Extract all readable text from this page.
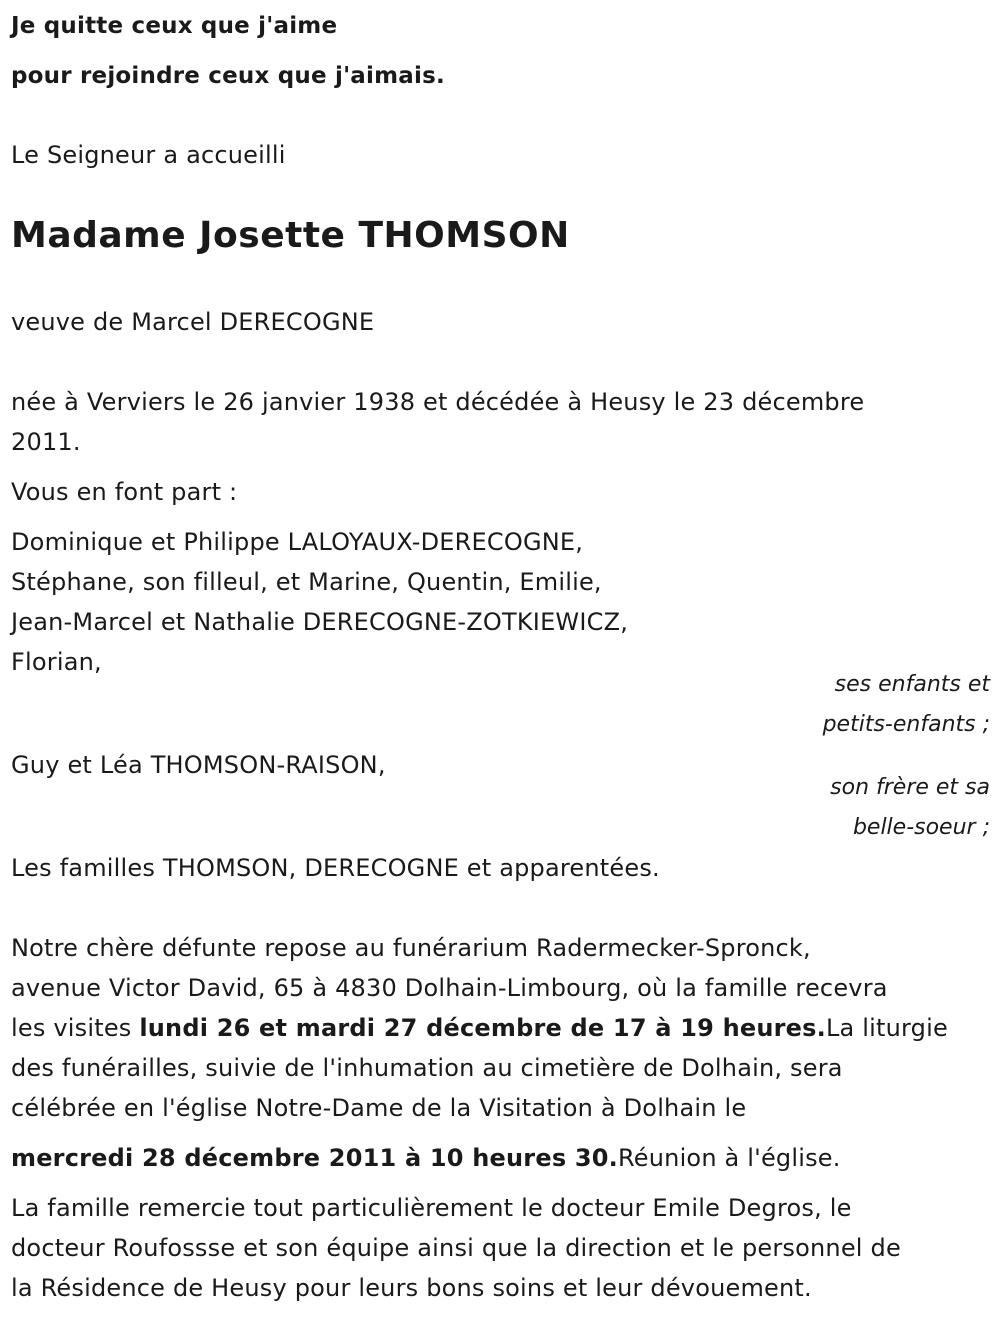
Je quitte ceux que j'aime
pour rejoindre ceux que j'aimais.
Le Seigneur a accueilli
Madame Josette THOMSON
veuve de Marcel DERECOGNE
née à Verviers le 26 janvier 1938 et décédée à Heusy le 23 décembre
2011.
Vous en font part :
Dominique et Philippe LALOYAUX-DERECOGNE,
Stéphane, son filleul, et Marine, Quentin, Emilie,
Jean-Marcel et Nathalie DERECOGNE-ZOTKIEWICZ,
Florian,
ses enfants et
petits-enfants ;
Guy et Léa THOMSON-RAISON,
son frère et sa
belle-soeur ;
Les familles THOMSON, DERECOGNE et apparentées.
Notre chère défunte repose au funérarium Radermecker-Spronck,
avenue Victor David, 65 à 4830 Dolhain-Limbourg, où la famille recevra
les visites lundi 26 et mardi 27 décembre de 17 à 19 heures.La liturgie
des funérailles, suivie de l'inhumation au cimetière de Dolhain, sera
célébrée en l'église Notre-Dame de la Visitation à Dolhain le
mercredi 28 décembre 2011 à 10 heures 30.Réunion à l'église.
La famille remercie tout particulièrement le docteur Emile Degros, le
docteur Roufossse et son équipe ainsi que la direction et le personnel de
la Résidence de Heusy pour leurs bons soins et leur dévouement.
